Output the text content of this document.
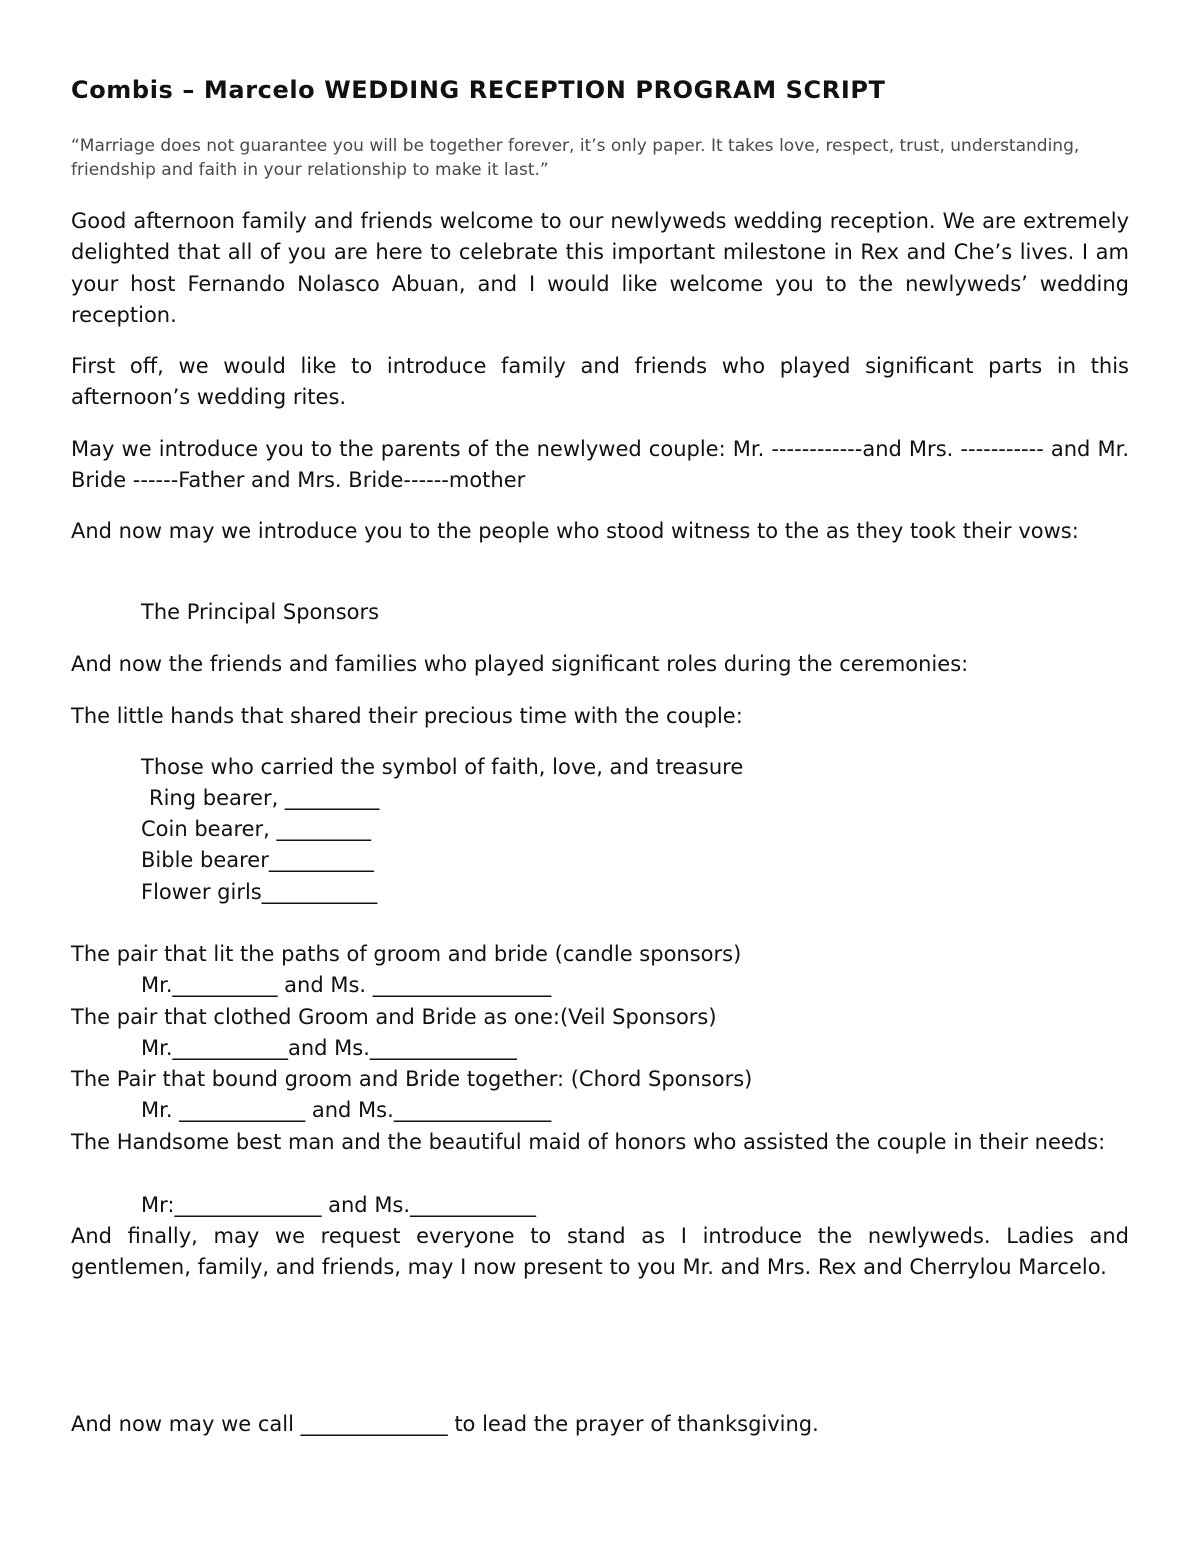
Combis – Marcelo WEDDING RECEPTION PROGRAM SCRIPT

“Marriage does not guarantee you will be together forever, it’s only paper. It takes love, respect, trust, understanding, friendship and faith in your relationship to make it last.”

Good afternoon family and friends welcome to our newlyweds wedding reception. We are extremely delighted that all of you are here to celebrate this important milestone in Rex and Che’s lives. I am your host Fernando Nolasco Abuan, and I would like welcome you to the newlyweds’ wedding reception.

First off, we would like to introduce family and friends who played significant parts in this afternoon’s wedding rites.

May we introduce you to the parents of the newlywed couple: Mr. ------------and Mrs. ----------- and Mr. Bride ------Father and Mrs. Bride------mother

And now may we introduce you to the people who stood witness to the as they took their vows:

The Principal Sponsors

And now the friends and families who played significant roles during the ceremonies:

The little hands that shared their precious time with the couple:

Those who carried the symbol of faith, love, and treasure

Ring bearer, _________

Coin bearer, _________

Bible bearer__________

Flower girls___________

The pair that lit the paths of groom and bride (candle sponsors)

Mr.__________ and Ms. _________________

The pair that clothed Groom and Bride as one:(Veil Sponsors)

Mr.___________and Ms.______________

The Pair that bound groom and Bride together: (Chord Sponsors)

Mr. ____________ and Ms._______________

The Handsome best man and the beautiful maid of honors who assisted the couple in their needs:

Mr:______________ and Ms.____________

And finally, may we request everyone to stand as I introduce the newlyweds. Ladies and gentlemen, family, and friends, may I now present to you Mr. and Mrs. Rex and Cherrylou Marcelo.

And now may we call ______________ to lead the prayer of thanksgiving.
